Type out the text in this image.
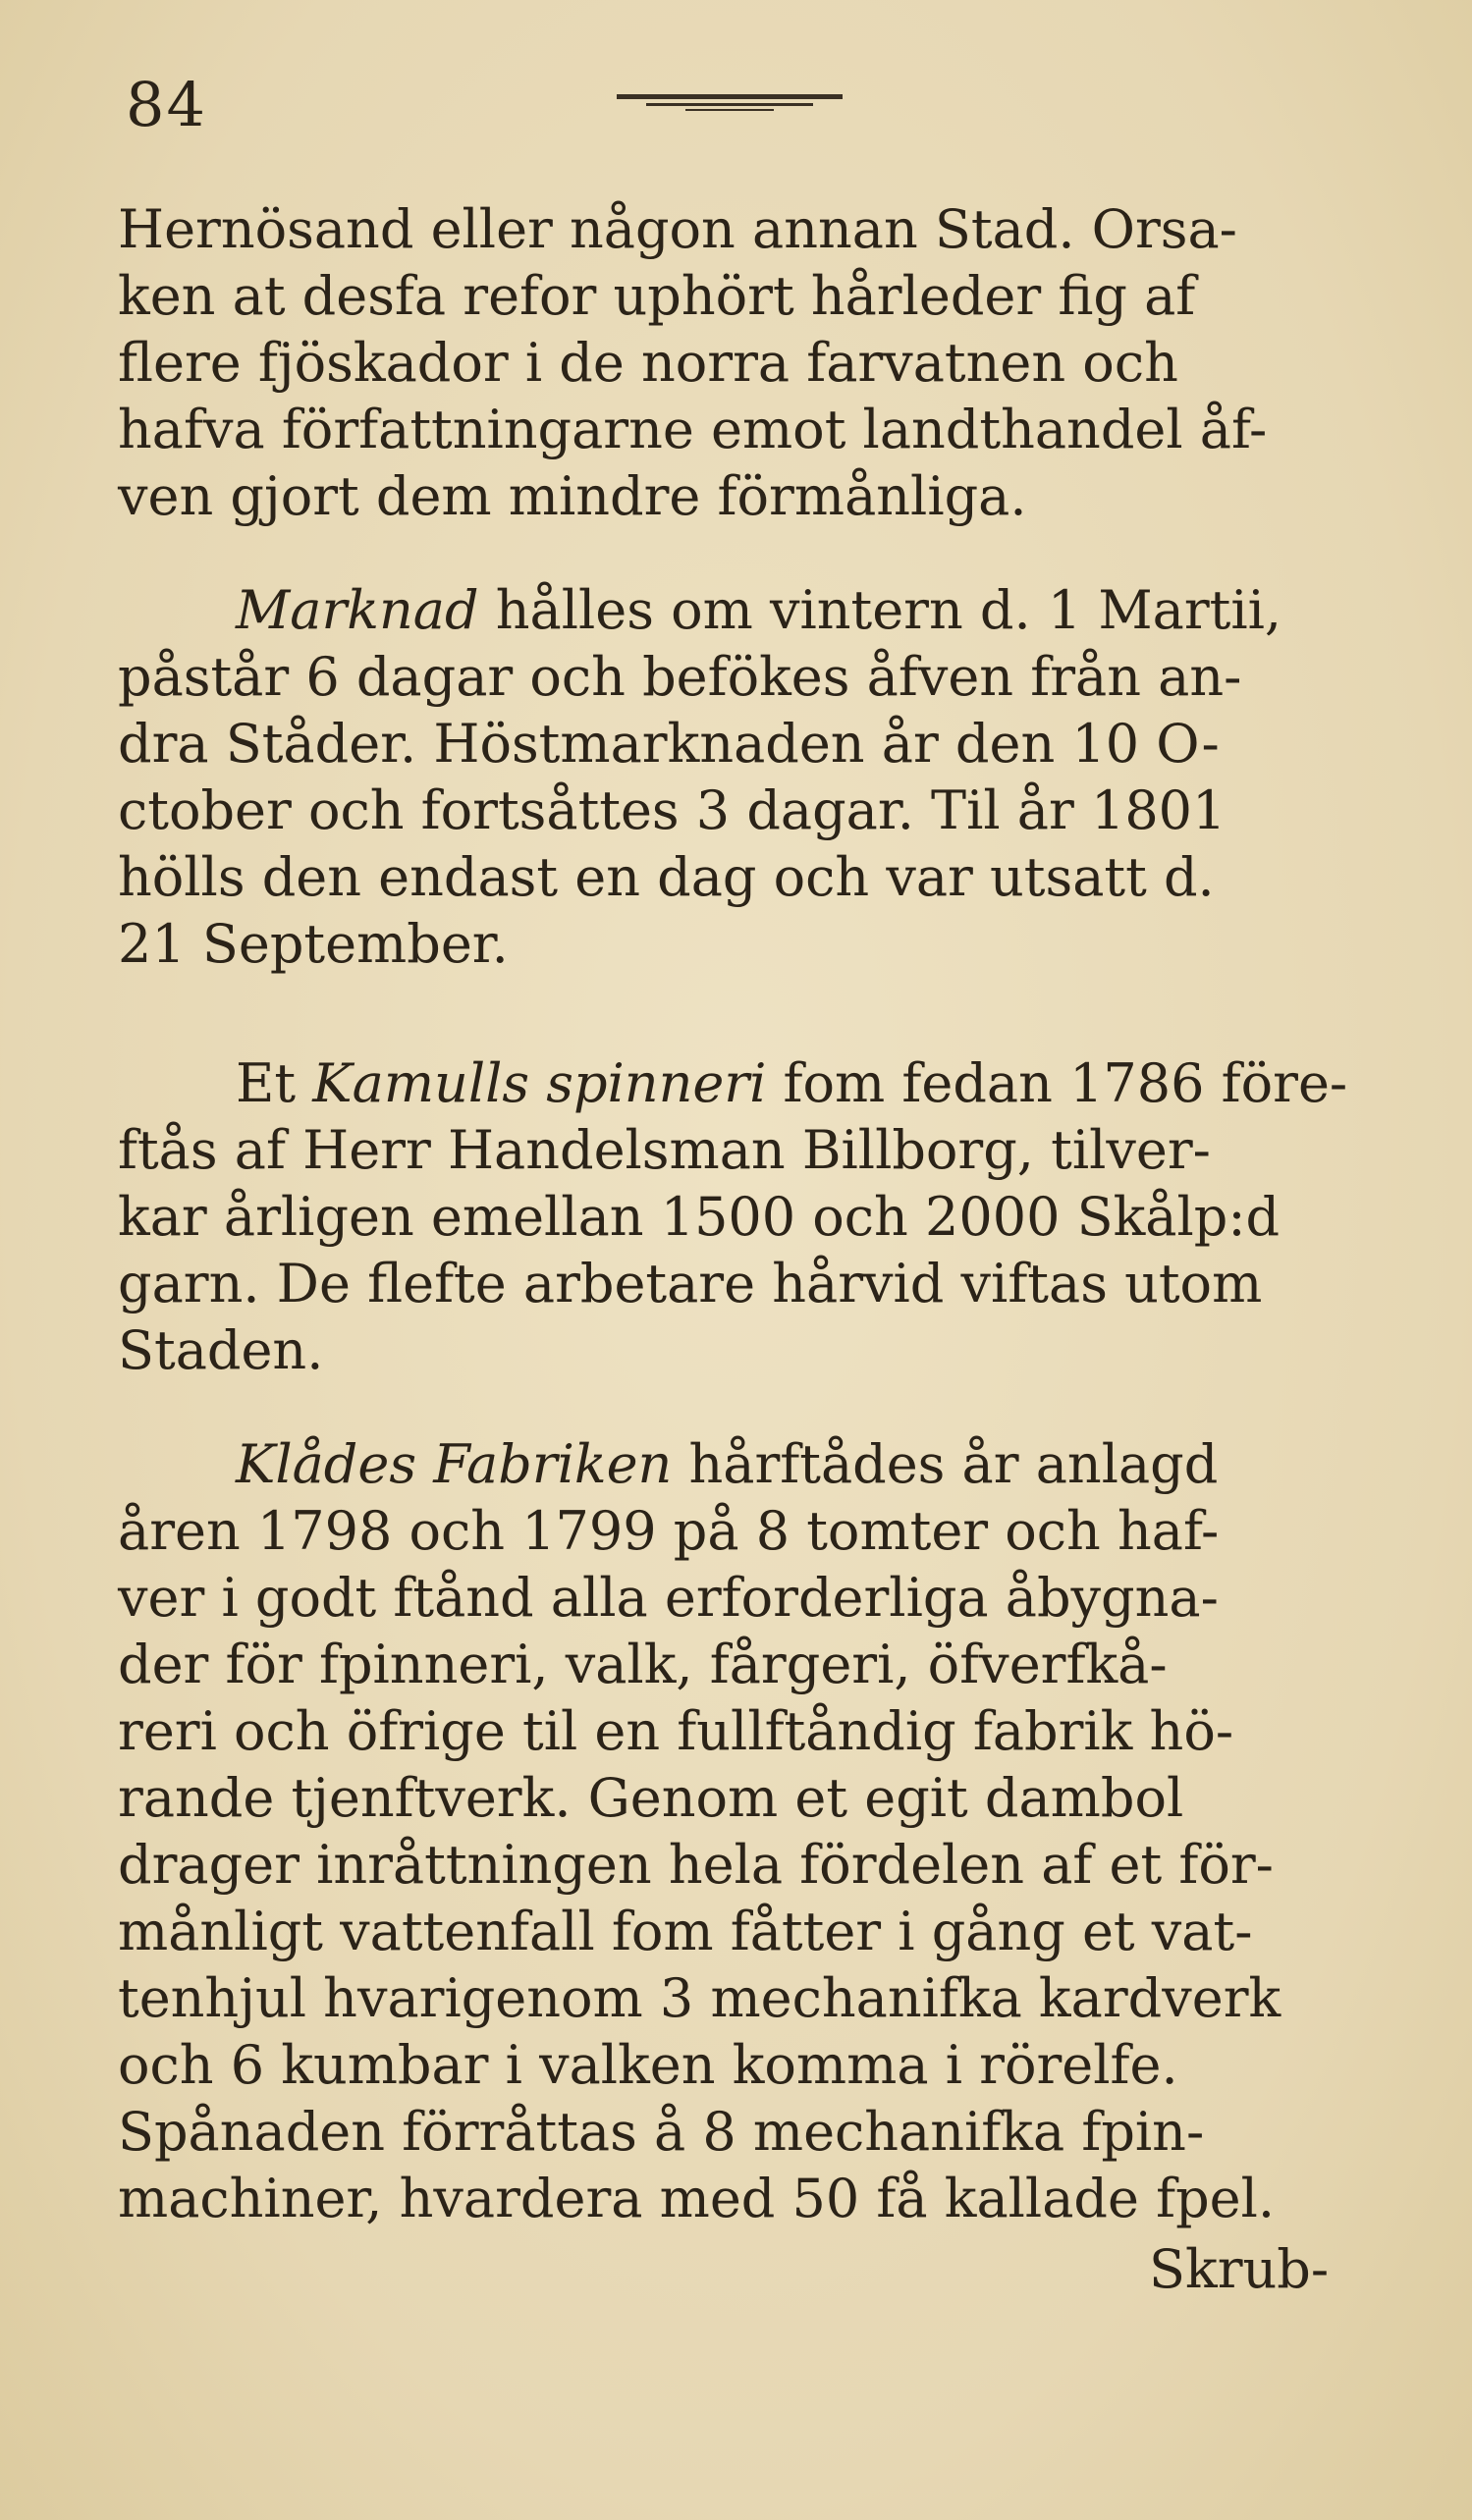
84

Hernösand eller någon annan Stad. Orsa-
ken at desfa refor uphört hårleder fig af
flere fjöskador i de norra farvatnen och
hafva författningarne emot landthandel åf-
ven gjort dem mindre förmånliga.

Marknad hålles om vintern d. 1 Martii,
påstår 6 dagar och befökes åfven från an-
dra Ståder. Höstmarknaden år den 10 O-
ctober och fortsåttes 3 dagar. Til år 1801
hölls den endast en dag och var utsatt d.
21 September.

Et Kamulls spinneri fom fedan 1786 före-
ftås af Herr Handelsman Billborg, tilver-
kar årligen emellan 1500 och 2000 Skålp:d
garn. De flefte arbetare hårvid viftas utom
Staden.

Klådes Fabriken hårftådes år anlagd
åren 1798 och 1799 på 8 tomter och haf-
ver i godt ftånd alla erforderliga åbygna-
der för fpinneri, valk, fårgeri, öfverfkå-
reri och öfrige til en fullftåndig fabrik hö-
rande tjenftverk. Genom et egit dambol
drager inråttningen hela fördelen af et för-
månligt vattenfall fom fåtter i gång et vat-
tenhjul hvarigenom 3 mechanifka kardverk
och 6 kumbar i valken komma i rörelfe.
Spånaden förråttas å 8 mechanifka fpin-
machiner, hvardera med 50 få kallade fpel.

Skrub-
